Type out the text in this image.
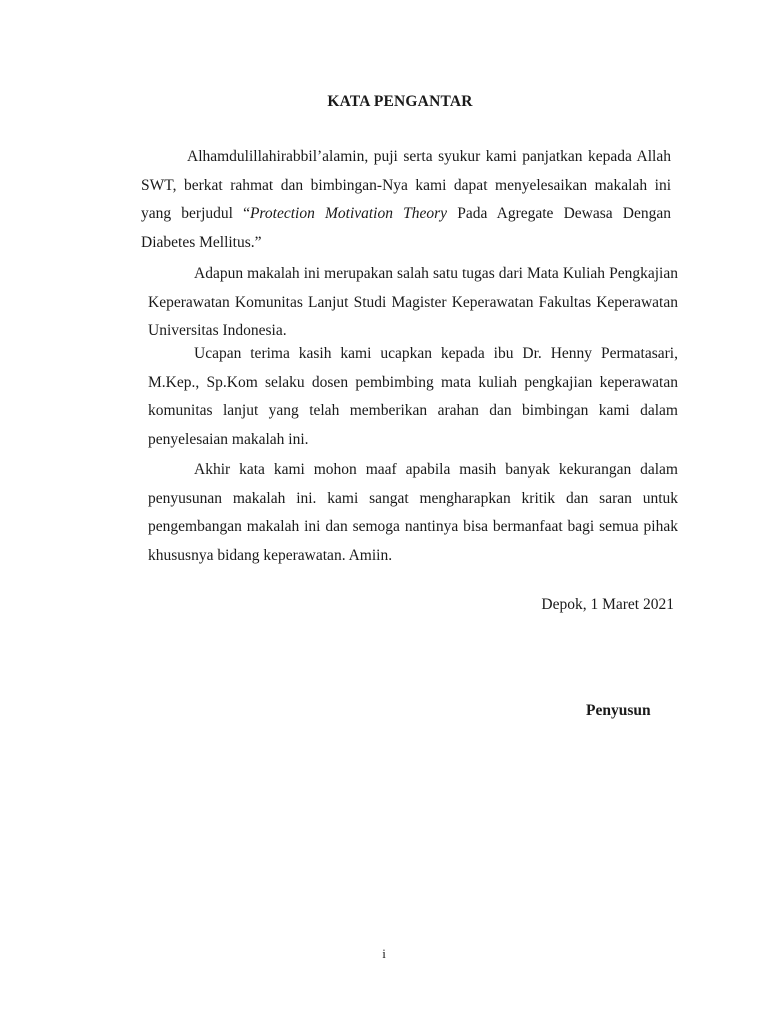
KATA PENGANTAR

Alhamdulillahirabbil’alamin, puji serta syukur kami panjatkan kepada Allah SWT, berkat rahmat dan bimbingan-Nya kami dapat menyelesaikan makalah ini yang berjudul “Protection Motivation Theory Pada Agregate Dewasa Dengan Diabetes Mellitus.”

Adapun makalah ini merupakan salah satu tugas dari Mata Kuliah Pengkajian Keperawatan Komunitas Lanjut Studi Magister Keperawatan Fakultas Keperawatan Universitas Indonesia.

Ucapan terima kasih kami ucapkan kepada ibu Dr. Henny Permatasari, M.Kep., Sp.Kom selaku dosen pembimbing mata kuliah pengkajian keperawatan komunitas lanjut yang telah memberikan arahan dan bimbingan kami dalam penyelesaian makalah ini.

Akhir kata kami mohon maaf apabila masih banyak kekurangan dalam penyusunan makalah ini. kami sangat mengharapkan kritik dan saran untuk pengembangan makalah ini dan semoga nantinya bisa bermanfaat bagi semua pihak khususnya bidang keperawatan. Amiin.

Depok, 1 Maret 2021
Penyusun
i
